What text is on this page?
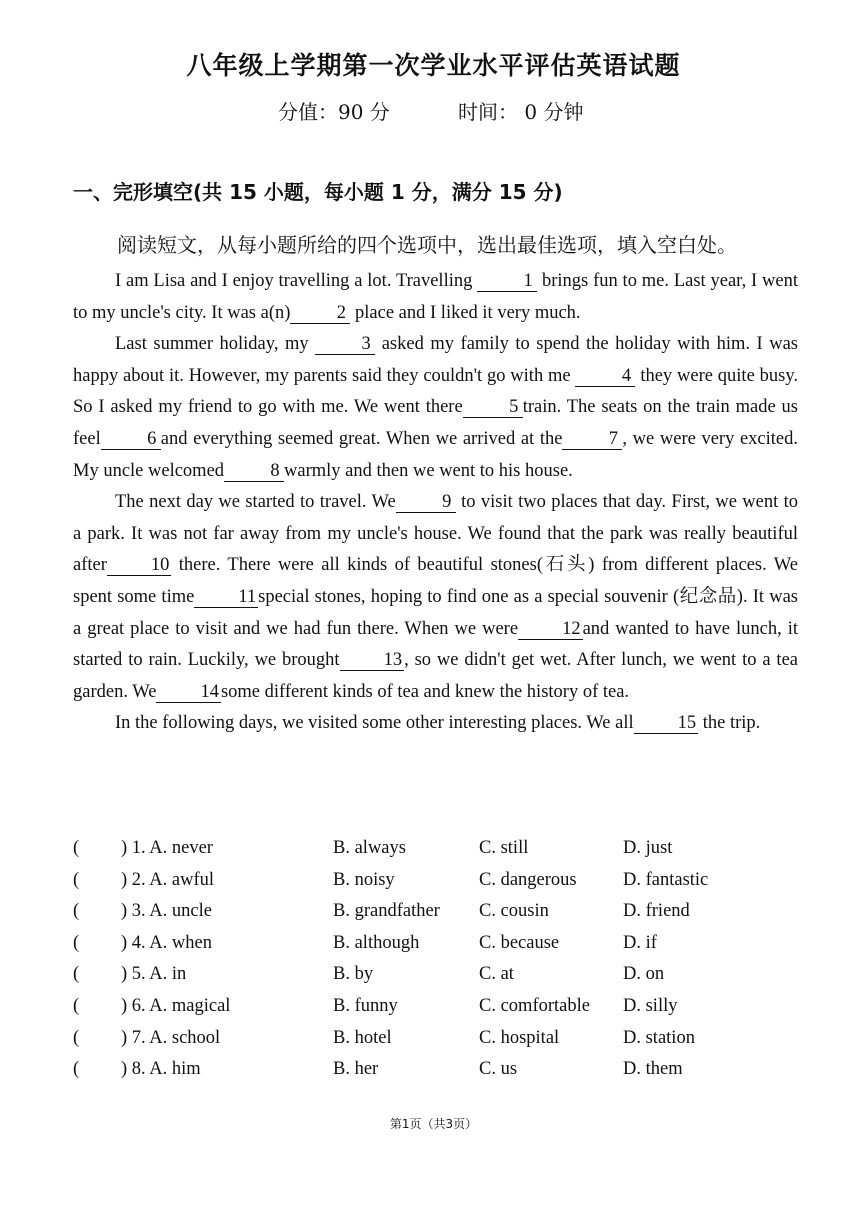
八年级上学期第一次学业水平评估英语试题
分值：90 分	时间： 0 分钟
一、完形填空(共 15 小题，每小题 1 分，满分 15 分)
阅读短文，从每小题所给的四个选项中，选出最佳选项，填入空白处。

I am Lisa and I enjoy travelling a lot. Travelling	1 brings fun to me. Last year, I went to my uncle's city. It was a(n)	2 place and I liked it very much.

Last summer holiday, my	3 asked my family to spend the holiday with him. I was happy about it. However, my parents said they couldn't go with me	4 they were quite busy. So I asked my friend to go with me. We went there	5 train. The seats on the train made us feel	6 and everything seemed great. When we arrived at the	7 , we were very excited. My uncle welcomed	8 warmly and then we went to his house.

The next day we started to travel. We	9 to visit two places that day. First, we went to a park. It was not far away from my uncle's house. We found that the park was really beautiful after 10 there. There were all kinds of beautiful stones(石头) from different places. We spent some time 11 special stones, hoping to find one as a special souvenir (纪念品). It was a great place to visit and we had fun there. When we were 12 and wanted to have lunch, it started to rain. Luckily, we brought 13 , so we didn't get wet. After lunch, we went to a tea garden. We 14 some different kinds of tea and knew the history of tea.

In the following days, we visited some other interesting places. We all 15 the trip.

( ) 1. A. never	B. always	C. still	D. just
( ) 2. A. awful	B. noisy	C. dangerous	D. fantastic
( ) 3. A. uncle	B. grandfather C. cousin	D. friend
( ) 4. A. when	B. although	C. because	D. if
( ) 5. A. in	B. by	C. at	D. on
( ) 6. A. magical	B. funny	C. comfortable D. silly
( ) 7. A. school	B. hotel	C. hospital	D. station
( ) 8. A. him	B. her	C. us	D. them
第1页（共3页）
